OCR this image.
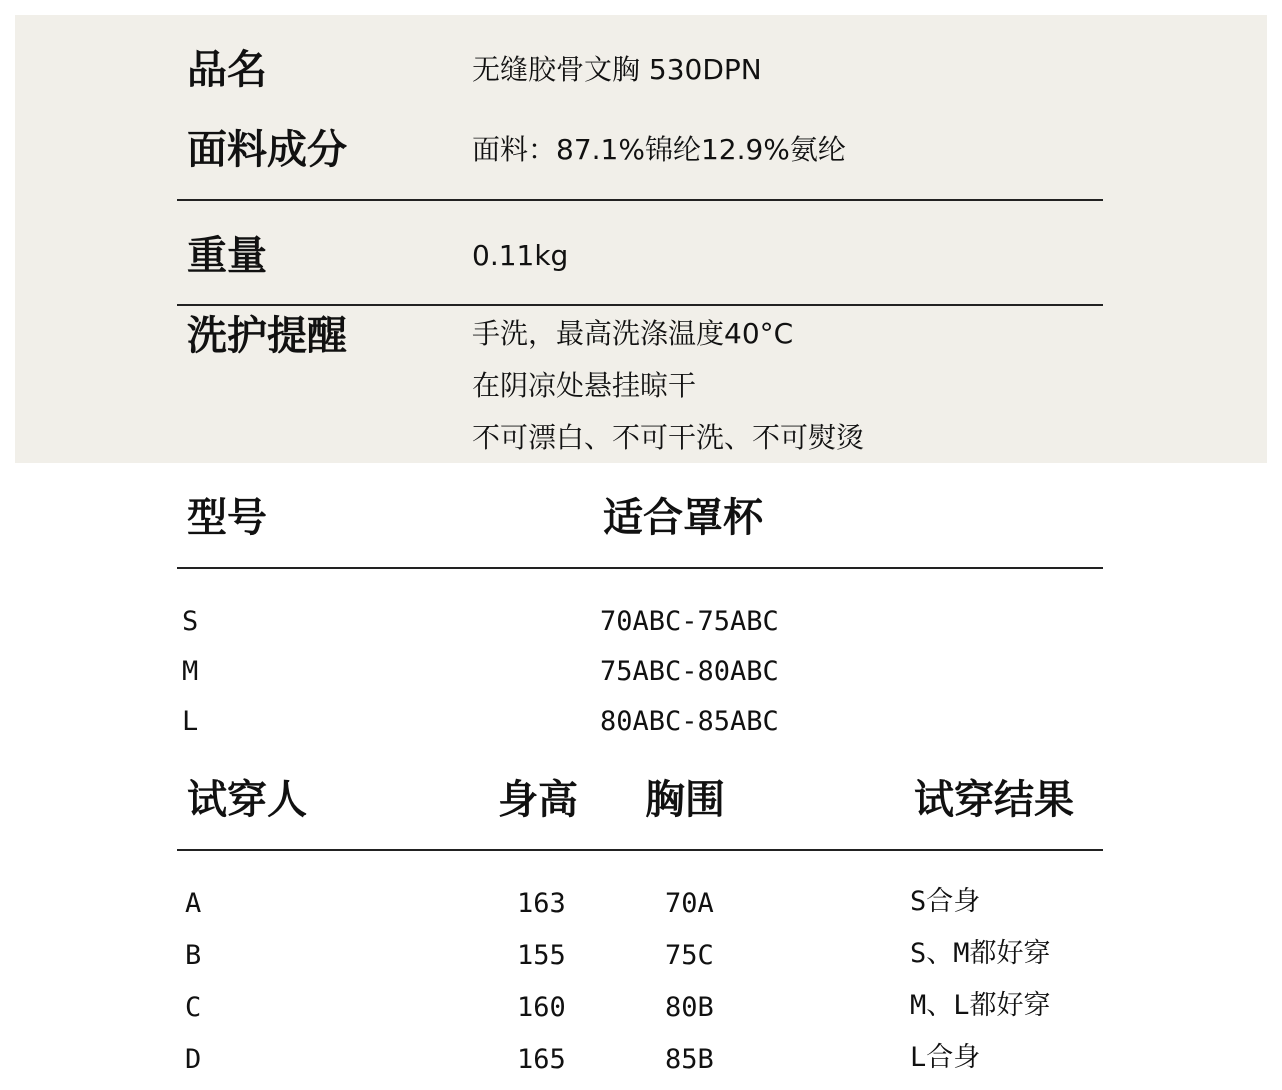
品名	无缝胶骨文胸 530DPN
面料成分	面料：87.1%锦纶12.9%氨纶
重量	0.11kg
洗护提醒	手洗，最高洗涤温度40°C
在阴凉处悬挂晾干
不可漂白、不可干洗、不可熨烫
型号	适合罩杯
S	70ABC-75ABC
M	75ABC-80ABC
L	80ABC-85ABC
试穿人	身高 胸围	试穿结果
A	163	70A	S合身
B	155	75C	S、M都好穿
C	160	80B	M、L都好穿
D	165	85B	L合身
